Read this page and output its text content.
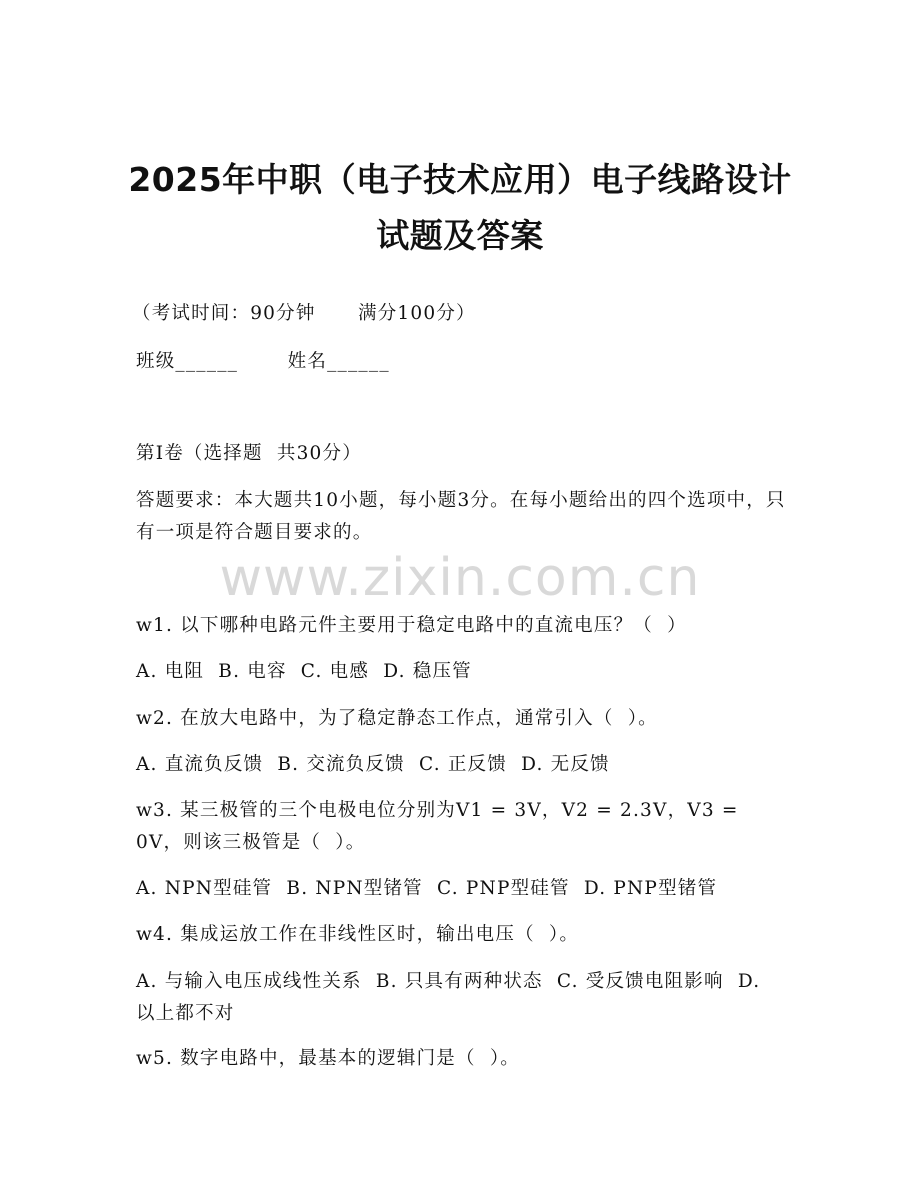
2025年中职（电子技术应用）电子线路设计
试题及答案
（考试时间：90分钟      满分100分）
班级______       姓名______
第I卷（选择题  共30分）
答题要求：本大题共10小题，每小题3分。在每小题给出的四个选项中，只有一项是符合题目要求的。
www.zixin.com.cn
w1. 以下哪种电路元件主要用于稳定电路中的直流电压？（  ）
A. 电阻  B. 电容  C. 电感  D. 稳压管
w2. 在放大电路中，为了稳定静态工作点，通常引入（  ）。
A. 直流负反馈  B. 交流负反馈  C. 正反馈  D. 无反馈
w3. 某三极管的三个电极电位分别为V1 = 3V，V2 = 2.3V，V3 = 0V，则该三极管是（  ）。
A. NPN型硅管  B. NPN型锗管  C. PNP型硅管  D. PNP型锗管
w4. 集成运放工作在非线性区时，输出电压（  ）。
A. 与输入电压成线性关系  B. 只具有两种状态  C. 受反馈电阻影响  D. 以上都不对
w5. 数字电路中，最基本的逻辑门是（  ）。
